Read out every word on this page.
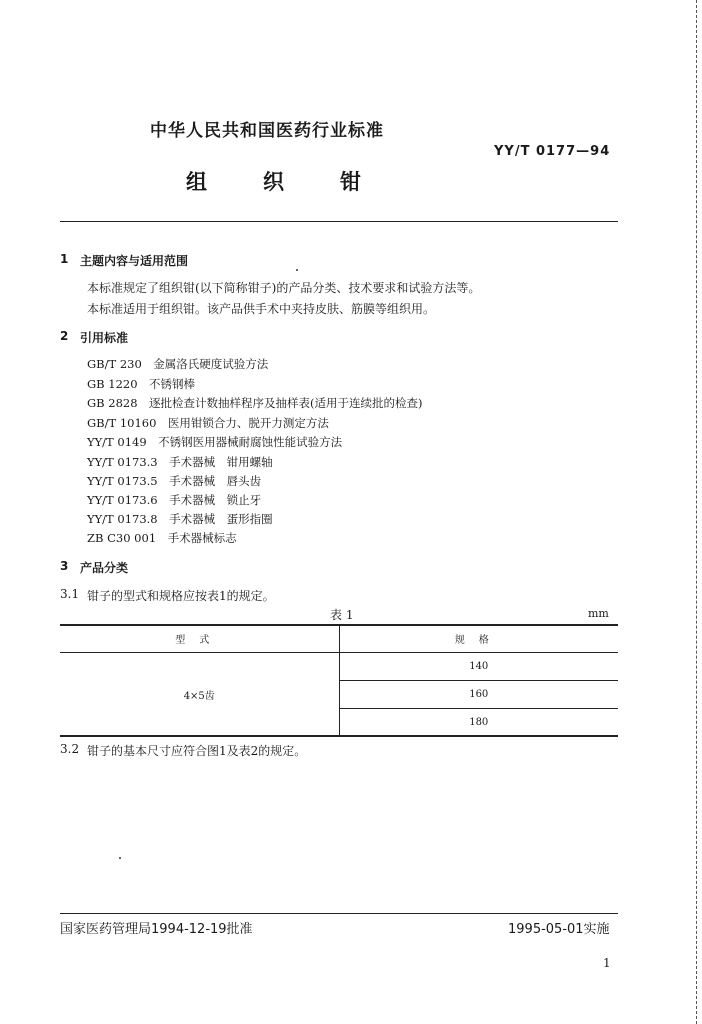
中华人民共和国医药行业标准
YY/T 0177—94
组	织	钳
1 主题内容与适用范围
本标准规定了组织钳(以下简称钳子)的产品分类、技术要求和试验方法等。
本标准适用于组织钳。该产品供手术中夹持皮肤、筋膜等组织用。
2 引用标准
GB/T 230　金属洛氏硬度试验方法
GB 1220　不锈钢棒
GB 2828　逐批检查计数抽样程序及抽样表(适用于连续批的检查)
GB/T 10160　医用钳锁合力、脱开力测定方法
YY/T 0149　不锈钢医用器械耐腐蚀性能试验方法
YY/T 0173.3　手术器械　钳用螺轴
YY/T 0173.5　手术器械　唇头齿
YY/T 0173.6　手术器械　锁止牙
YY/T 0173.8　手术器械　蛋形指圈
ZB C30 001　手术器械标志
3 产品分类
3.1 钳子的型式和规格应按表1的规定。
表 1	mm
型式	规格
4×5齿	140
	160
	180
3.2 钳子的基本尺寸应符合图1及表2的规定。
国家医药管理局1994-12-19批准	1995-05-01实施
1
